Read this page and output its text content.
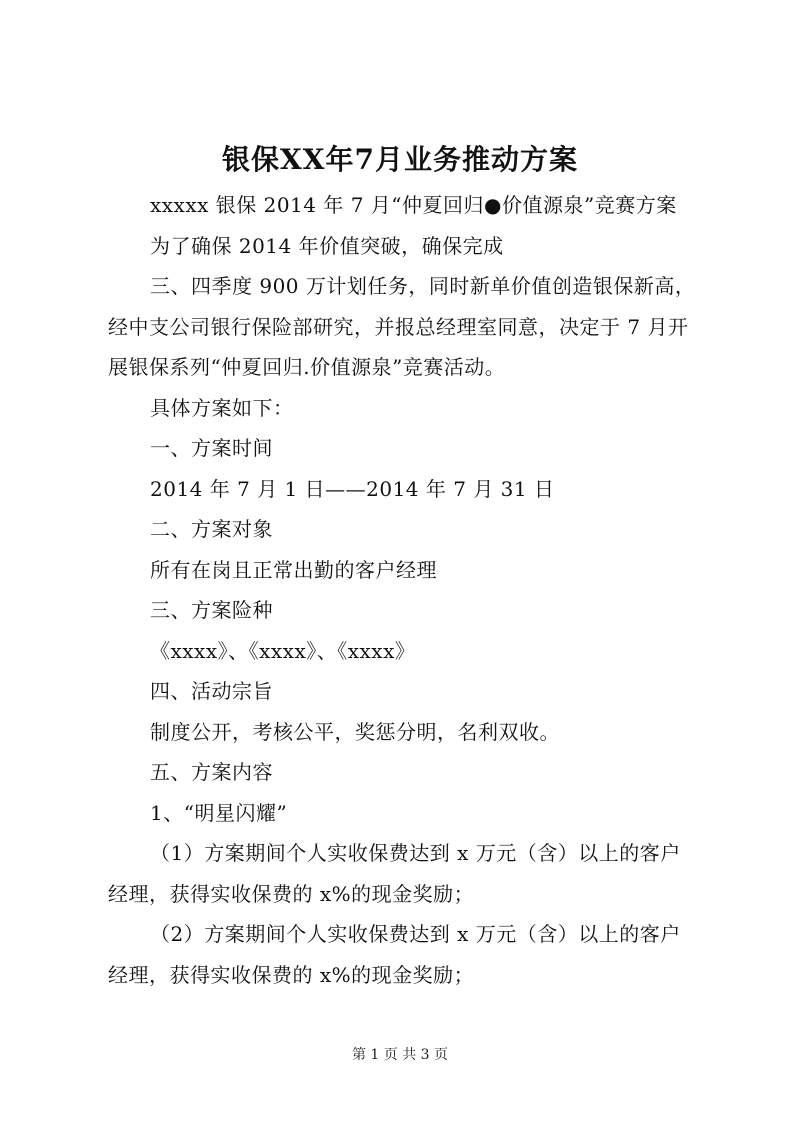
银保XX年7月业务推动方案
xxxxx 银保 2014 年 7 月“仲夏回归●价值源泉”竞赛方案
为了确保 2014 年价值突破，确保完成
三、四季度 900 万计划任务，同时新单价值创造银保新高，
经中支公司银行保险部研究，并报总经理室同意，决定于 7 月开
展银保系列“仲夏回归.价值源泉”竞赛活动。
具体方案如下：
一、方案时间
2014 年 7 月 1 日——2014 年 7 月 31 日
二、方案对象
所有在岗且正常出勤的客户经理
三、方案险种
《xxxx》、《xxxx》、《xxxx》
四、活动宗旨
制度公开，考核公平，奖惩分明，名利双收。
五、方案内容
1、“明星闪耀”
（1）方案期间个人实收保费达到 x 万元（含）以上的客户
经理，获得实收保费的 x%的现金奖励；
（2）方案期间个人实收保费达到 x 万元（含）以上的客户
经理，获得实收保费的 x%的现金奖励；
第 1 页 共 3 页
